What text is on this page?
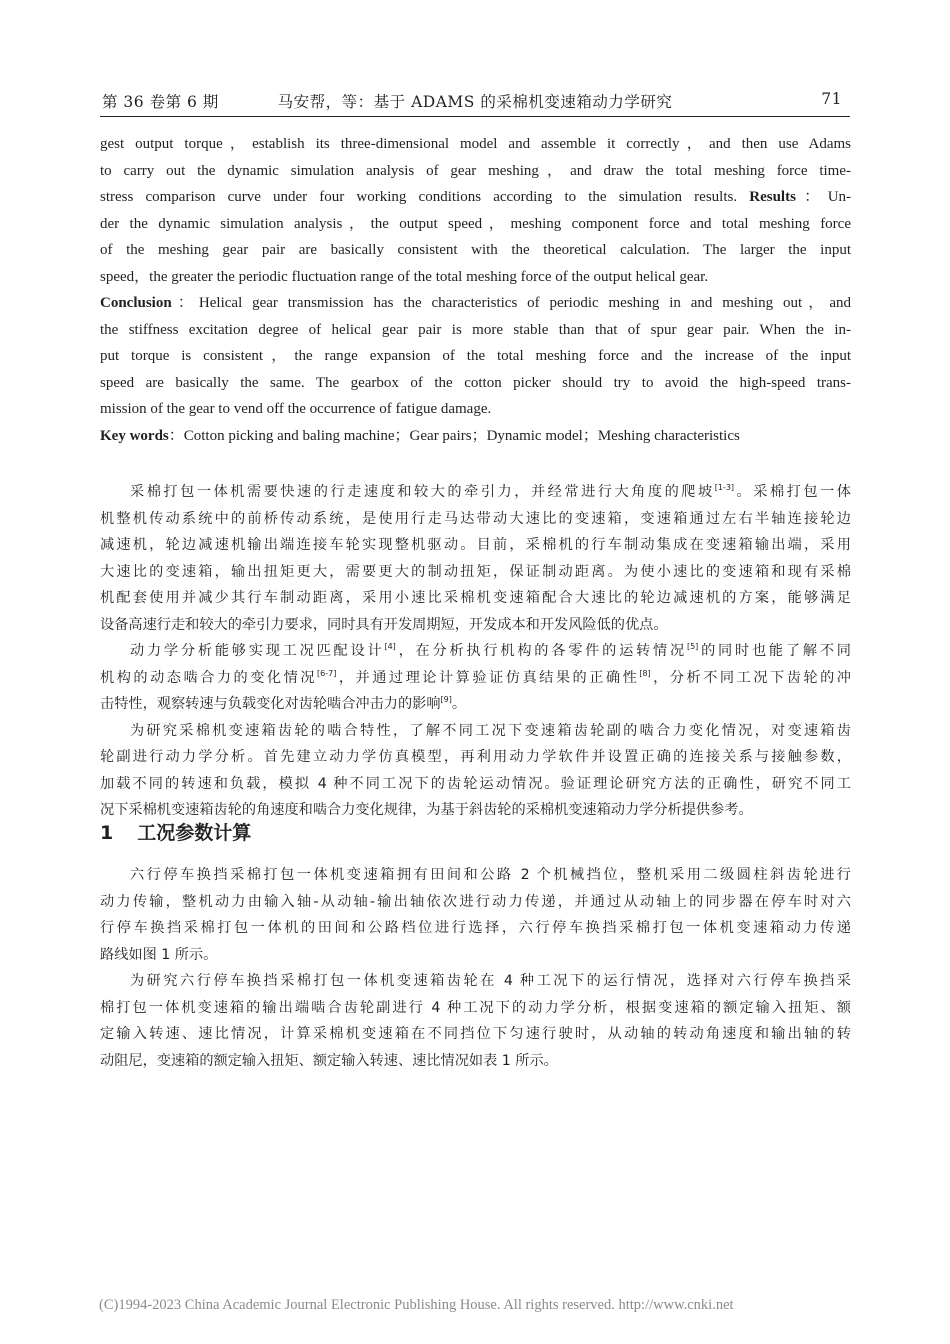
第 36 卷第 6 期	马安帮，等：基于 ADAMS 的采棉机变速箱动力学研究	71

gest output torque，establish its three-dimensional model and assemble it correctly，and then use Adams

to carry out the dynamic simulation analysis of gear meshing，and draw the total meshing force time-

stress comparison curve under four working conditions according to the simulation results. Results：Un-

der the dynamic simulation analysis，the output speed，meshing component force and total meshing force

of the meshing gear pair are basically consistent with the theoretical calculation. The larger the input

speed，the greater the periodic fluctuation range of the total meshing force of the output helical gear.

Conclusion：Helical gear transmission has the characteristics of periodic meshing in and meshing out，and

the stiffness excitation degree of helical gear pair is more stable than that of spur gear pair. When the in-

put torque is consistent，the range expansion of the total meshing force and the increase of the input

speed are basically the same. The gearbox of the cotton picker should try to avoid the high-speed trans-

mission of the gear to vend off the occurrence of fatigue damage.

Key words：Cotton picking and baling machine；Gear pairs；Dynamic model；Meshing characteristics

采棉打包一体机需要快速的行走速度和较大的牵引力，并经常进行大角度的爬坡[1-3]。采棉打包一体

机整机传动系统中的前桥传动系统，是使用行走马达带动大速比的变速箱，变速箱通过左右半轴连接轮边

减速机，轮边减速机输出端连接车轮实现整机驱动。目前，采棉机的行车制动集成在变速箱输出端，采用

大速比的变速箱，输出扭矩更大，需要更大的制动扭矩，保证制动距离。为使小速比的变速箱和现有采棉

机配套使用并减少其行车制动距离，采用小速比采棉机变速箱配合大速比的轮边减速机的方案，能够满足

设备高速行走和较大的牵引力要求，同时具有开发周期短，开发成本和开发风险低的优点。

动力学分析能够实现工况匹配设计[4]，在分析执行机构的各零件的运转情况[5]的同时也能了解不同

机构的动态啮合力的变化情况[6-7]，并通过理论计算验证仿真结果的正确性[8]，分析不同工况下齿轮的冲

击特性，观察转速与负载变化对齿轮啮合冲击力的影响[9]。

为研究采棉机变速箱齿轮的啮合特性，了解不同工况下变速箱齿轮副的啮合力变化情况，对变速箱齿

轮副进行动力学分析。首先建立动力学仿真模型，再利用动力学软件并设置正确的连接关系与接触参数，

加载不同的转速和负载，模拟 4 种不同工况下的齿轮运动情况。验证理论研究方法的正确性，研究不同工

况下采棉机变速箱齿轮的角速度和啮合力变化规律，为基于斜齿轮的采棉机变速箱动力学分析提供参考。

1 工况参数计算

六行停车换挡采棉打包一体机变速箱拥有田间和公路 2 个机械挡位，整机采用二级圆柱斜齿轮进行

动力传输，整机动力由输入轴-从动轴-输出轴依次进行动力传递，并通过从动轴上的同步器在停车时对六

行停车换挡采棉打包一体机的田间和公路档位进行选择，六行停车换挡采棉打包一体机变速箱动力传递

路线如图 1 所示。

为研究六行停车换挡采棉打包一体机变速箱齿轮在 4 种工况下的运行情况，选择对六行停车换挡采

棉打包一体机变速箱的输出端啮合齿轮副进行 4 种工况下的动力学分析，根据变速箱的额定输入扭矩、额

定输入转速、速比情况，计算采棉机变速箱在不同挡位下匀速行驶时，从动轴的转动角速度和输出轴的转

动阻尼，变速箱的额定输入扭矩、额定输入转速、速比情况如表 1 所示。

(C)1994-2023 China Academic Journal Electronic Publishing House. All rights reserved. http://www.cnki.net
